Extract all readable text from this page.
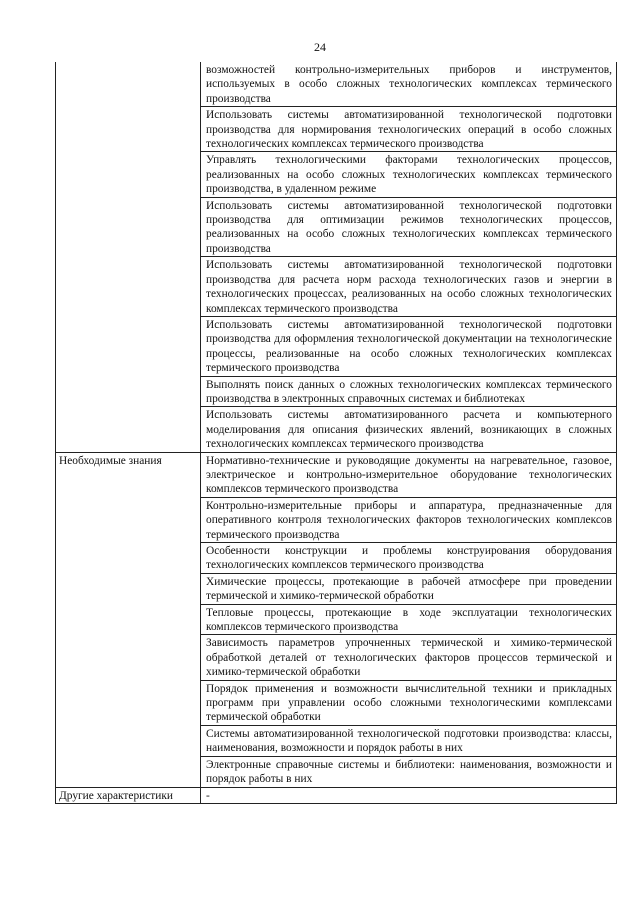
24
	возможностей контрольно-измерительных приборов и инструментов, используемых в особо сложных технологических комплексах термического производства
	Использовать системы автоматизированной технологической подготовки производства для нормирования технологических операций в особо сложных технологических комплексах термического производства
	Управлять технологическими факторами технологических процессов, реализованных на особо сложных технологических комплексах термического производства, в удаленном режиме
	Использовать системы автоматизированной технологической подготовки производства для оптимизации режимов технологических процессов, реализованных на особо сложных технологических комплексах термического производства
	Использовать системы автоматизированной технологической подготовки производства для расчета норм расхода технологических газов и энергии в технологических процессах, реализованных на особо сложных технологических комплексах термического производства
	Использовать системы автоматизированной технологической подготовки производства для оформления технологической документации на технологические процессы, реализованные на особо сложных технологических комплексах термического производства
	Выполнять поиск данных о сложных технологических комплексах термического производства в электронных справочных системах и библиотеках
	Использовать системы автоматизированного расчета и компьютерного моделирования для описания физических явлений, возникающих в сложных технологических комплексах термического производства
Необходимые знания	Нормативно-технические и руководящие документы на нагревательное, газовое, электрическое и контрольно-измерительное оборудование технологических комплексов термического производства
	Контрольно-измерительные приборы и аппаратура, предназначенные для оперативного контроля технологических факторов технологических комплексов термического производства
	Особенности конструкции и проблемы конструирования оборудования технологических комплексов термического производства
	Химические процессы, протекающие в рабочей атмосфере при проведении термической и химико-термической обработки
	Тепловые процессы, протекающие в ходе эксплуатации технологических комплексов термического производства
	Зависимость параметров упрочненных термической и химико-термической обработкой деталей от технологических факторов процессов термической и химико-термической обработки
	Порядок применения и возможности вычислительной техники и прикладных программ при управлении особо сложными технологическими комплексами термической обработки
	Системы автоматизированной технологической подготовки производства: классы, наименования, возможности и порядок работы в них
	Электронные справочные системы и библиотеки: наименования, возможности и порядок работы в них
Другие характеристики	-
